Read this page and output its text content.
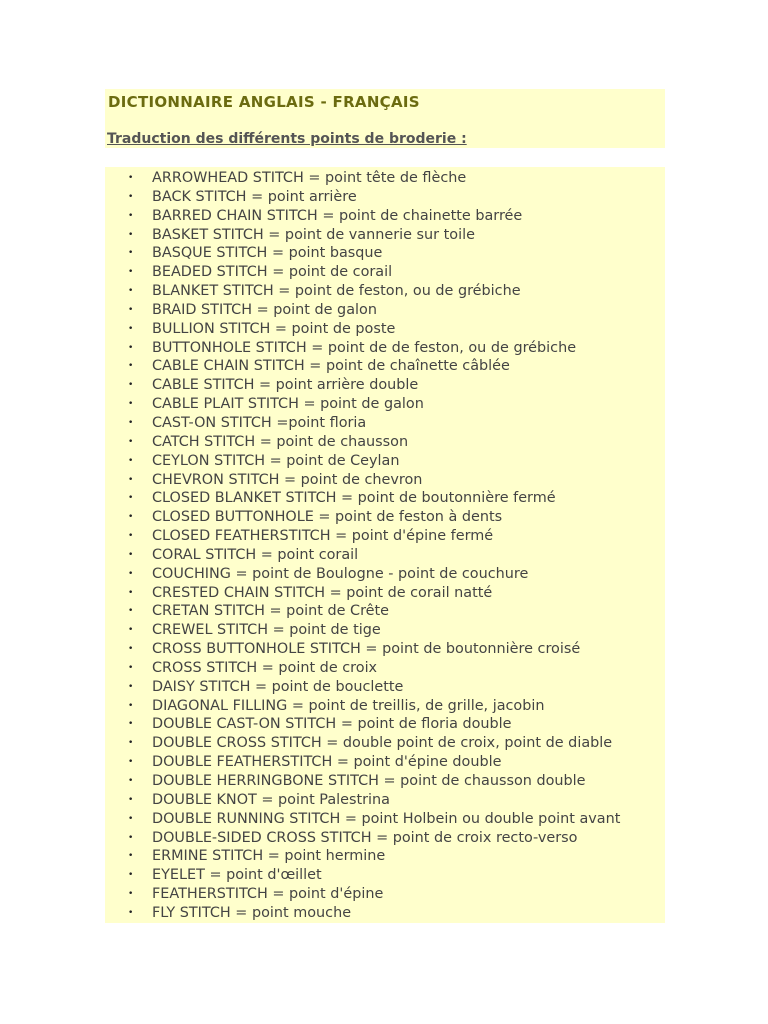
DICTIONNAIRE ANGLAIS - FRANÇAIS
Traduction des différents points de broderie :
• ARROWHEAD STITCH = point tête de flèche
• BACK STITCH = point arrière
• BARRED CHAIN STITCH = point de chainette barrée
• BASKET STITCH = point de vannerie sur toile
• BASQUE STITCH = point basque
• BEADED STITCH = point de corail
• BLANKET STITCH = point de feston, ou de grébiche
• BRAID STITCH = point de galon
• BULLION STITCH = point de poste
• BUTTONHOLE STITCH = point de de feston, ou de grébiche
• CABLE CHAIN STITCH = point de chaînette câblée
• CABLE STITCH = point arrière double
• CABLE PLAIT STITCH = point de galon
• CAST-ON STITCH =point floria
• CATCH STITCH = point de chausson
• CEYLON STITCH = point de Ceylan
• CHEVRON STITCH = point de chevron
• CLOSED BLANKET STITCH = point de boutonnière fermé
• CLOSED BUTTONHOLE = point de feston à dents
• CLOSED FEATHERSTITCH = point d'épine fermé
• CORAL STITCH = point corail
• COUCHING = point de Boulogne - point de couchure
• CRESTED CHAIN STITCH = point de corail natté
• CRETAN STITCH = point de Crête
• CREWEL STITCH = point de tige
• CROSS BUTTONHOLE STITCH = point de boutonnière croisé
• CROSS STITCH = point de croix
• DAISY STITCH = point de bouclette
• DIAGONAL FILLING = point de treillis, de grille, jacobin
• DOUBLE CAST-ON STITCH = point de floria double
• DOUBLE CROSS STITCH = double point de croix, point de diable
• DOUBLE FEATHERSTITCH = point d'épine double
• DOUBLE HERRINGBONE STITCH = point de chausson double
• DOUBLE KNOT = point Palestrina
• DOUBLE RUNNING STITCH = point Holbein ou double point avant
• DOUBLE-SIDED CROSS STITCH = point de croix recto-verso
• ERMINE STITCH = point hermine
• EYELET = point d'œillet
• FEATHERSTITCH = point d'épine
• FLY STITCH = point mouche
